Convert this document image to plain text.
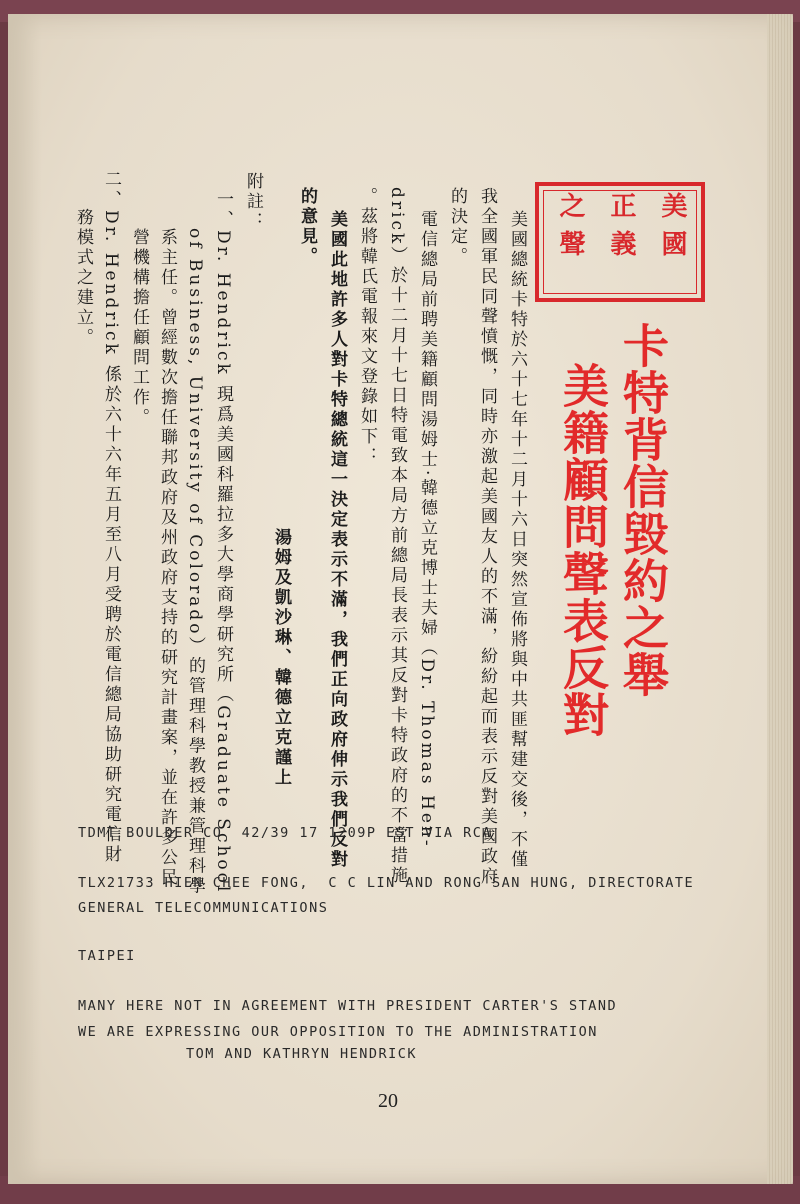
美國
正義
之聲
卡特背信毀約之舉
美籍顧問聲表反對
美國總統卡特於六十七年十二月十六日突然宣佈將與中共匪幫建交後，不僅
我全國軍民同聲憤慨，同時亦激起美國友人的不滿，紛紛起而表示反對美國政府
的決定。
電信總局前聘美籍顧問湯姆士·韓德立克博士夫婦（Dr. Thomas Hen-
drick）於十二月十七日特電致本局方前總局長表示其反對卡特政府的不當措施
。茲將韓氏電報來文登錄如下：
美國此地許多人對卡特總統這一決定表示不滿，我們正向政府伸示我們反對
的意見。
湯姆及凱沙琳、韓德立克謹上
附註：
一、Dr. Hendrick 現爲美國科羅拉多大學商學研究所（Graduate School
of Business, University of Colorado）的管理科學教授兼管理科學
系主任。曾經數次擔任聯邦政府及州政府支持的研究計畫案，並在許多公民
營機構擔任顧問工作。
二、Dr. Hendrick 係於六十六年五月至八月受聘於電信總局協助研究電信財
務模式之建立。
TDMT BOULDER CO  42/39 17 1209P EST VIA RCA
TLX21733 HIEN CHEE FONG,  C C LIN AND RONG SAN HUNG, DIRECTORATE
GENERAL TELECOMMUNICATIONS
TAIPEI
MANY HERE NOT IN AGREEMENT WITH PRESIDENT CARTER'S STAND
WE ARE EXPRESSING OUR OPPOSITION TO THE ADMINISTRATION
TOM AND KATHRYN HENDRICK
20
